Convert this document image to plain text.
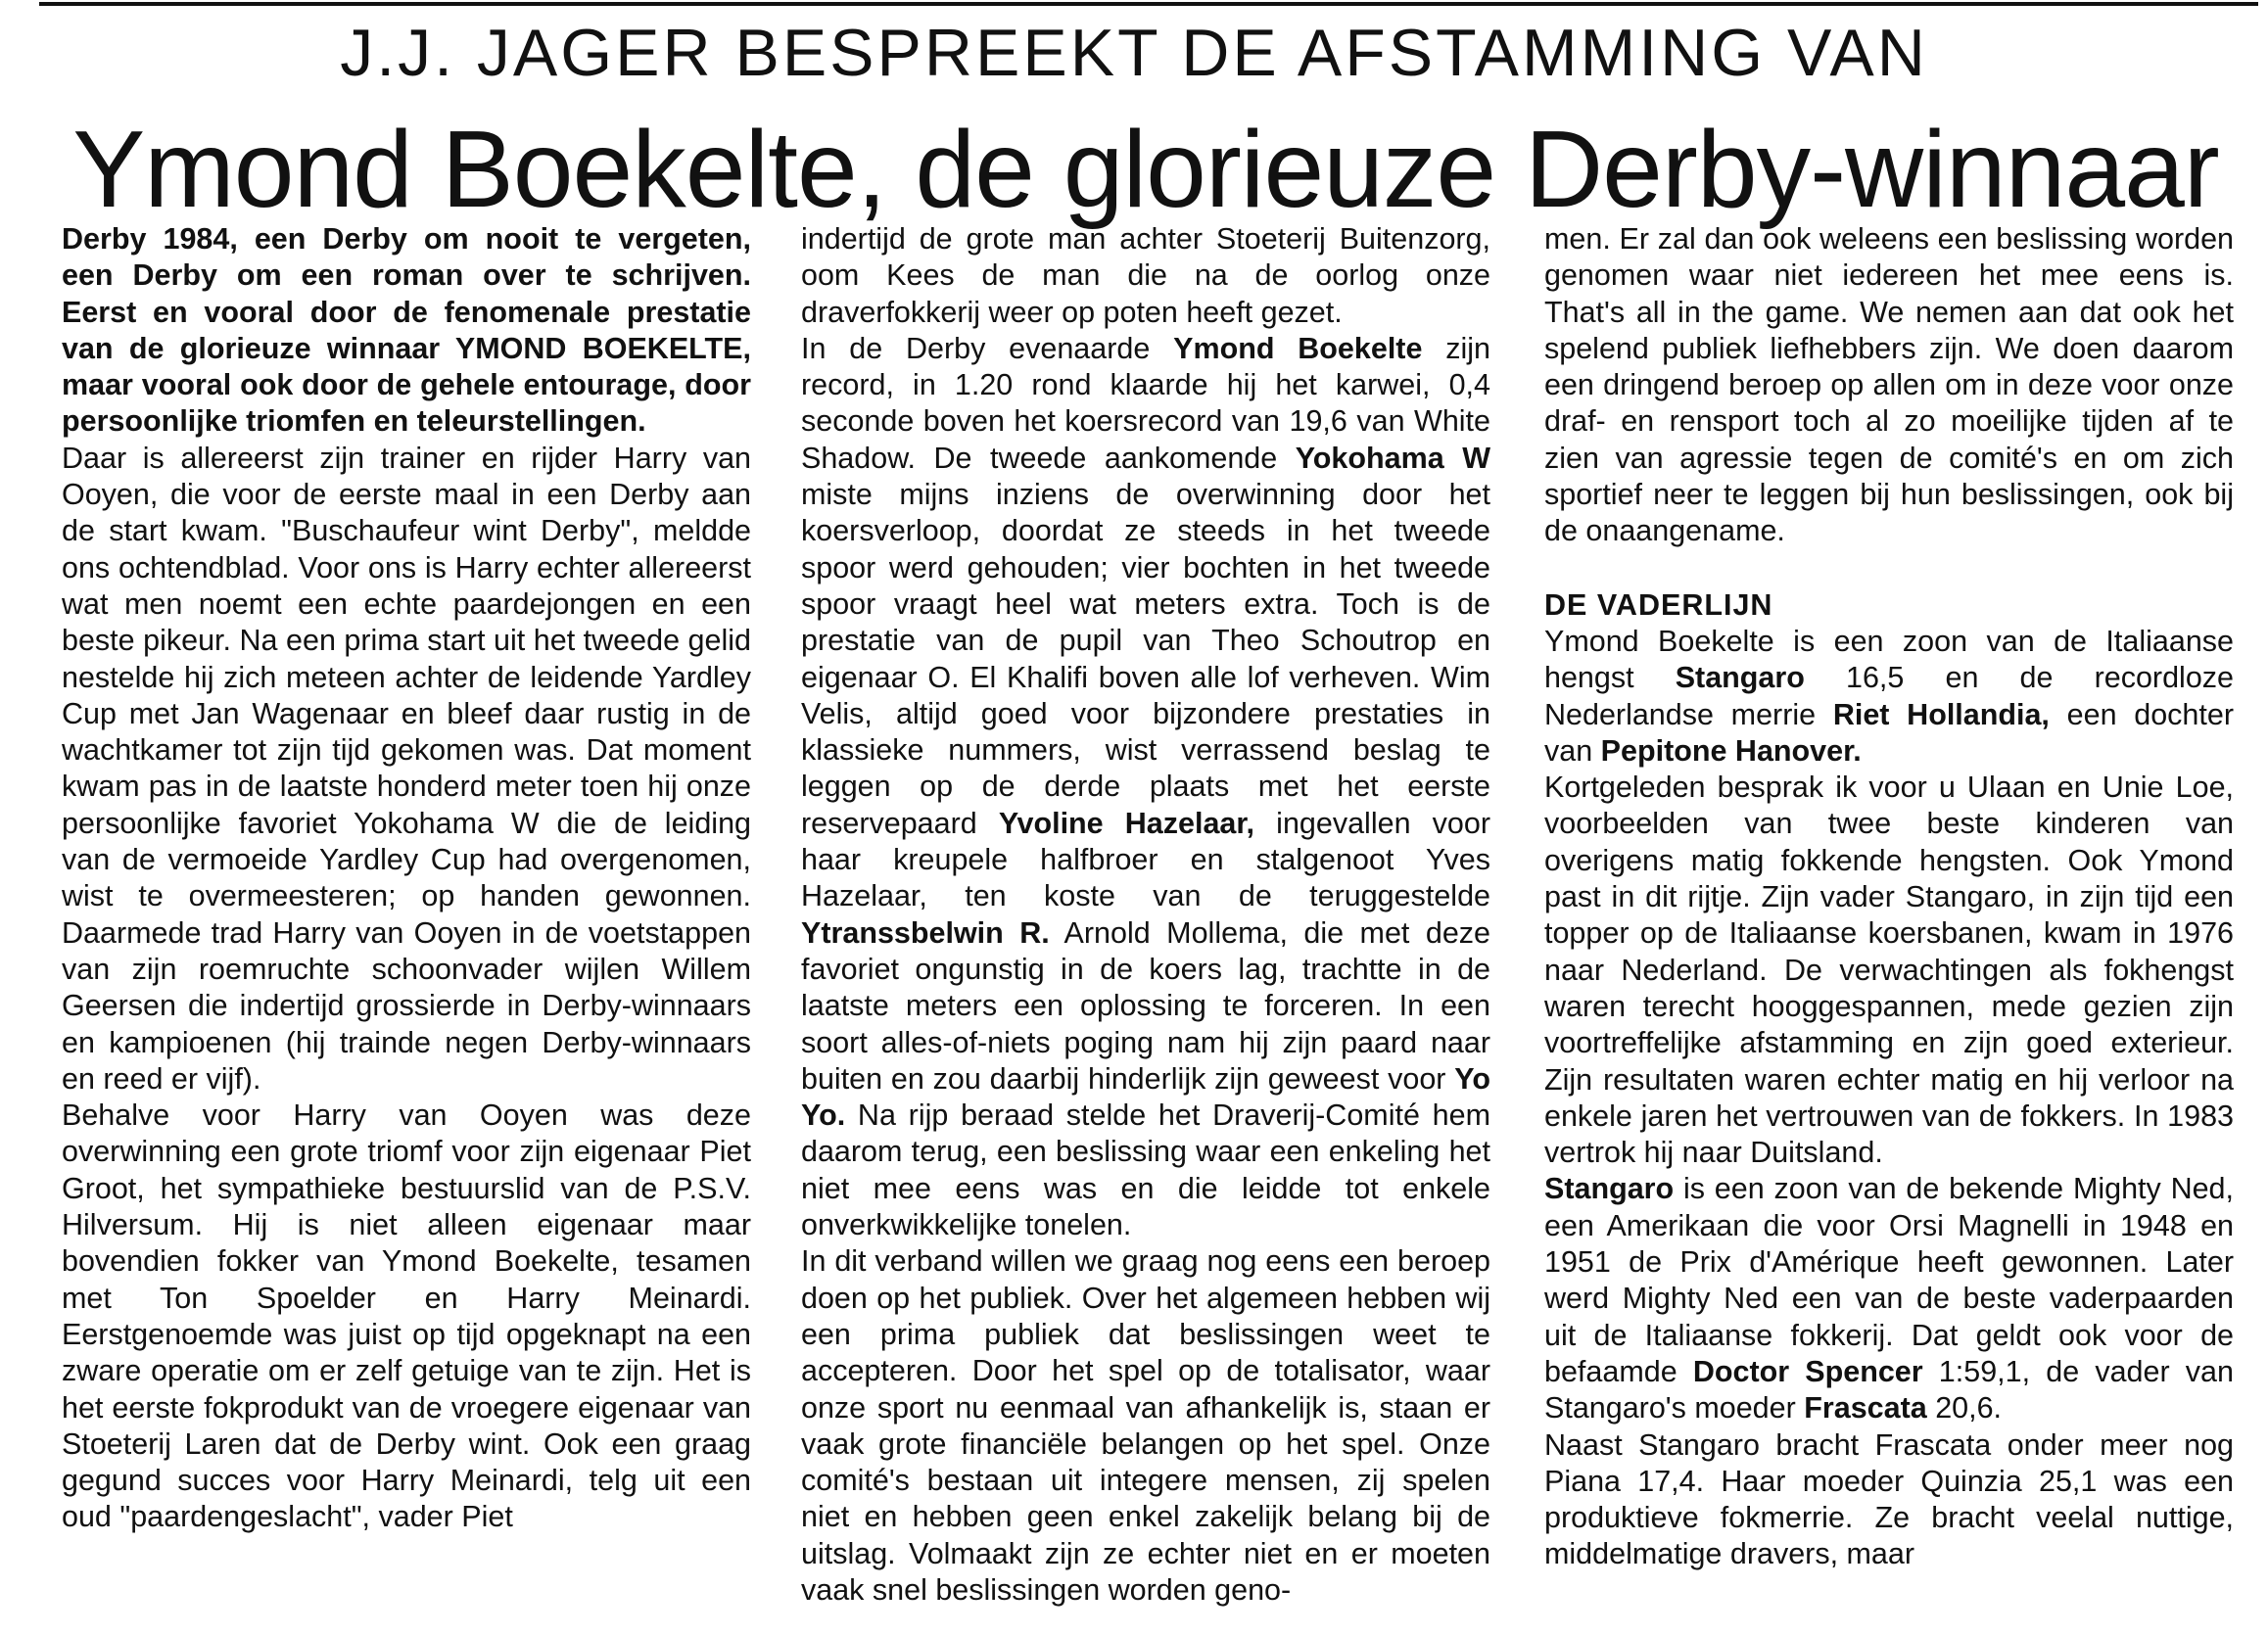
J.J. JAGER BESPREEKT DE AFSTAMMING VAN
Ymond Boekelte, de glorieuze Derby-winnaar

Derby 1984, een Derby om nooit te vergeten, een Derby om een roman over te schrijven. Eerst en vooral door de fenomenale prestatie van de glorieuze winnaar YMOND BOEKELTE, maar vooral ook door de gehele entourage, door persoonlijke triomfen en teleurstellingen.

Daar is allereerst zijn trainer en rijder Harry van Ooyen, die voor de eerste maal in een Derby aan de start kwam. "Buschaufeur wint Derby", meldde ons ochtendblad. Voor ons is Harry echter allereerst wat men noemt een echte paardejongen en een beste pikeur. Na een prima start uit het tweede gelid nestelde hij zich meteen achter de leidende Yardley Cup met Jan Wagenaar en bleef daar rustig in de wachtkamer tot zijn tijd gekomen was. Dat moment kwam pas in de laatste honderd meter toen hij onze persoonlijke favoriet Yokohama W die de leiding van de vermoeide Yardley Cup had overgenomen, wist te overmeesteren; op handen gewonnen. Daarmede trad Harry van Ooyen in de voetstappen van zijn roemruchte schoonvader wijlen Willem Geersen die indertijd grossierde in Derby-winnaars en kampioenen (hij trainde negen Derby-winnaars en reed er vijf).

Behalve voor Harry van Ooyen was deze overwinning een grote triomf voor zijn eigenaar Piet Groot, het sympathieke bestuurslid van de P.S.V. Hilversum. Hij is niet alleen eigenaar maar bovendien fokker van Ymond Boekelte, tesamen met Ton Spoelder en Harry Meinardi. Eerstgenoemde was juist op tijd opgeknapt na een zware operatie om er zelf getuige van te zijn. Het is het eerste fokprodukt van de vroegere eigenaar van Stoeterij Laren dat de Derby wint. Ook een graag gegund succes voor Harry Meinardi, telg uit een oud "paardengeslacht", vader Piet

indertijd de grote man achter Stoeterij Buitenzorg, oom Kees de man die na de oorlog onze draverfokkerij weer op poten heeft gezet.

In de Derby evenaarde Ymond Boekelte zijn record, in 1.20 rond klaarde hij het karwei, 0,4 seconde boven het koersrecord van 19,6 van White Shadow. De tweede aankomende Yokohama W miste mijns inziens de overwinning door het koersverloop, doordat ze steeds in het tweede spoor werd gehouden; vier bochten in het tweede spoor vraagt heel wat meters extra. Toch is de prestatie van de pupil van Theo Schoutrop en eigenaar O. El Khalifi boven alle lof verheven. Wim Velis, altijd goed voor bijzondere prestaties in klassieke nummers, wist verrassend beslag te leggen op de derde plaats met het eerste reservepaard Yvoline Hazelaar, ingevallen voor haar kreupele halfbroer en stalgenoot Yves Hazelaar, ten koste van de teruggestelde Ytranssbelwin R. Arnold Mollema, die met deze favoriet ongunstig in de koers lag, trachtte in de laatste meters een oplossing te forceren. In een soort alles-of-niets poging nam hij zijn paard naar buiten en zou daarbij hinderlijk zijn geweest voor Yo Yo. Na rijp beraad stelde het Draverij-Comité hem daarom terug, een beslissing waar een enkeling het niet mee eens was en die leidde tot enkele onverkwikkelijke tonelen.

In dit verband willen we graag nog eens een beroep doen op het publiek. Over het algemeen hebben wij een prima publiek dat beslissingen weet te accepteren. Door het spel op de totalisator, waar onze sport nu eenmaal van afhankelijk is, staan er vaak grote financiële belangen op het spel. Onze comité's bestaan uit integere mensen, zij spelen niet en hebben geen enkel zakelijk belang bij de uitslag. Volmaakt zijn ze echter niet en er moeten vaak snel beslissingen worden geno-

men. Er zal dan ook weleens een beslissing worden genomen waar niet iedereen het mee eens is. That's all in the game. We nemen aan dat ook het spelend publiek liefhebbers zijn. We doen daarom een dringend beroep op allen om in deze voor onze draf- en rensport toch al zo moeilijke tijden af te zien van agressie tegen de comité's en om zich sportief neer te leggen bij hun beslissingen, ook bij de onaangename.

DE VADERLIJN

Ymond Boekelte is een zoon van de Italiaanse hengst Stangaro 16,5 en de recordloze Nederlandse merrie Riet Hollandia, een dochter van Pepitone Hanover.

Kortgeleden besprak ik voor u Ulaan en Unie Loe, voorbeelden van twee beste kinderen van overigens matig fokkende hengsten. Ook Ymond past in dit rijtje. Zijn vader Stangaro, in zijn tijd een topper op de Italiaanse koersbanen, kwam in 1976 naar Nederland. De verwachtingen als fokhengst waren terecht hooggespannen, mede gezien zijn voortreffelijke afstamming en zijn goed exterieur. Zijn resultaten waren echter matig en hij verloor na enkele jaren het vertrouwen van de fokkers. In 1983 vertrok hij naar Duitsland.

Stangaro is een zoon van de bekende Mighty Ned, een Amerikaan die voor Orsi Magnelli in 1948 en 1951 de Prix d'Amérique heeft gewonnen. Later werd Mighty Ned een van de beste vaderpaarden uit de Italiaanse fokkerij. Dat geldt ook voor de befaamde Doctor Spencer 1:59,1, de vader van Stangaro's moeder Frascata 20,6.

Naast Stangaro bracht Frascata onder meer nog Piana 17,4. Haar moeder Quinzia 25,1 was een produktieve fokmerrie. Ze bracht veelal nuttige, middelmatige dravers, maar
